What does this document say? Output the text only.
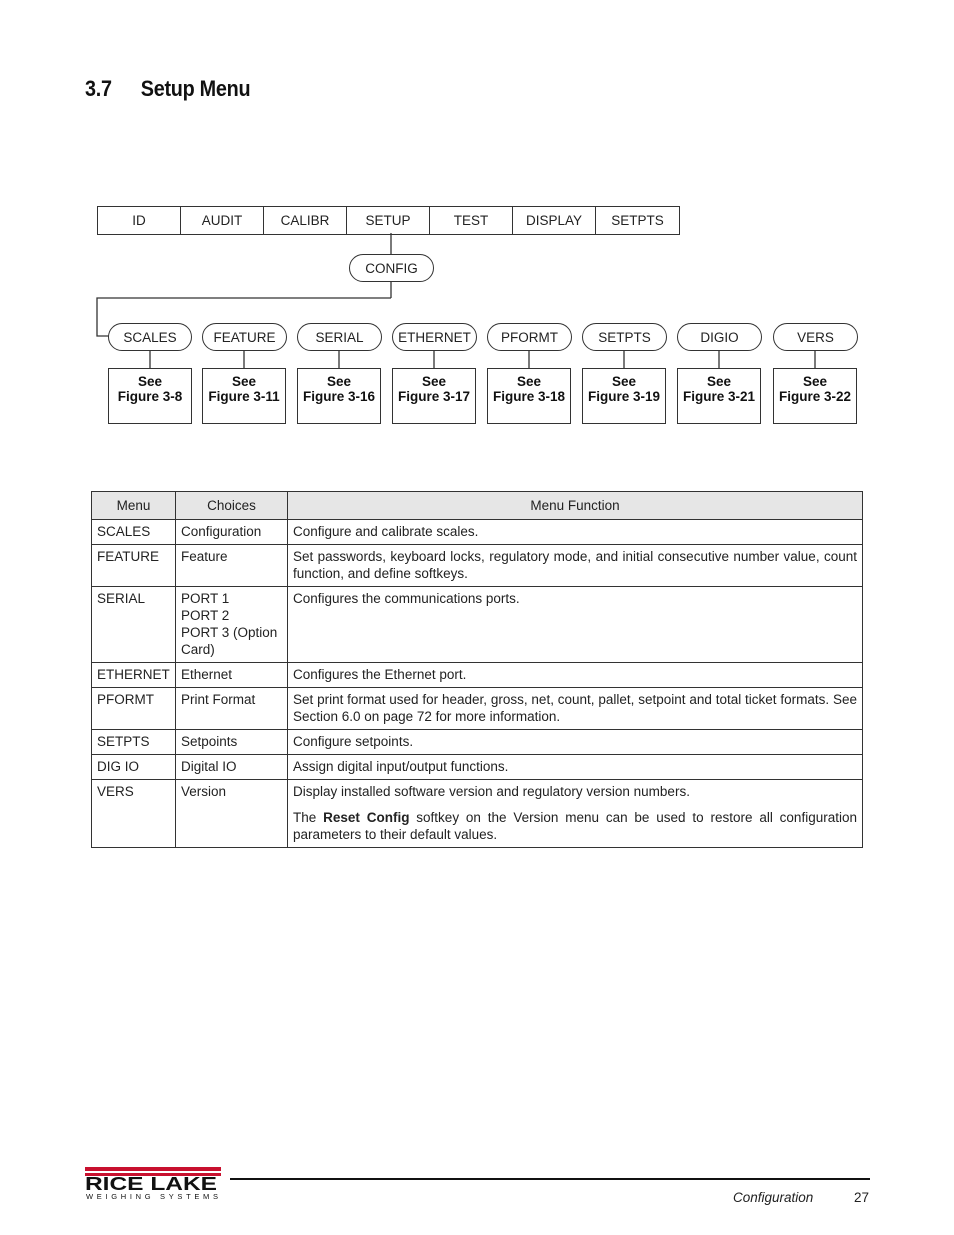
3.7 Setup Menu
ID	AUDIT	CALIBR	SETUP	TEST	DISPLAY	SETPTS
CONFIG
SCALES	FEATURE	SERIAL	ETHERNET	PFORMT	SETPTS	DIGIO	VERS
See
Figure 3-8
See
Figure 3-11
See
Figure 3-16
See
Figure 3-17
See
Figure 3-18
See
Figure 3-19
See
Figure 3-21
See
Figure 3-22
Menu	Choices	Menu Function
SCALES	Configuration	Configure and calibrate scales.

FEATURE	Feature	Set passwords, keyboard locks, regulatory mode, and initial consecutive number value, count function, and define softkeys.

SERIAL	PORT 1
PORT 2
PORT 3 (Option Card)	Configures the communications ports.

ETHERNET	Ethernet	Configures the Ethernet port.

PFORMT	Print Format	Set print format used for header, gross, net, count, pallet, setpoint and total ticket formats. See Section 6.0 on page 72 for more information.

SETPTS	Setpoints	Configure setpoints.

DIG IO	Digital IO	Assign digital input/output functions.

VERS	Version	Display installed software version and regulatory version numbers.

The Reset Config softkey on the Version menu can be used to restore all configuration parameters to their default values.

RICE LAKE
WEIGHING SYSTEMS	Configuration	27
